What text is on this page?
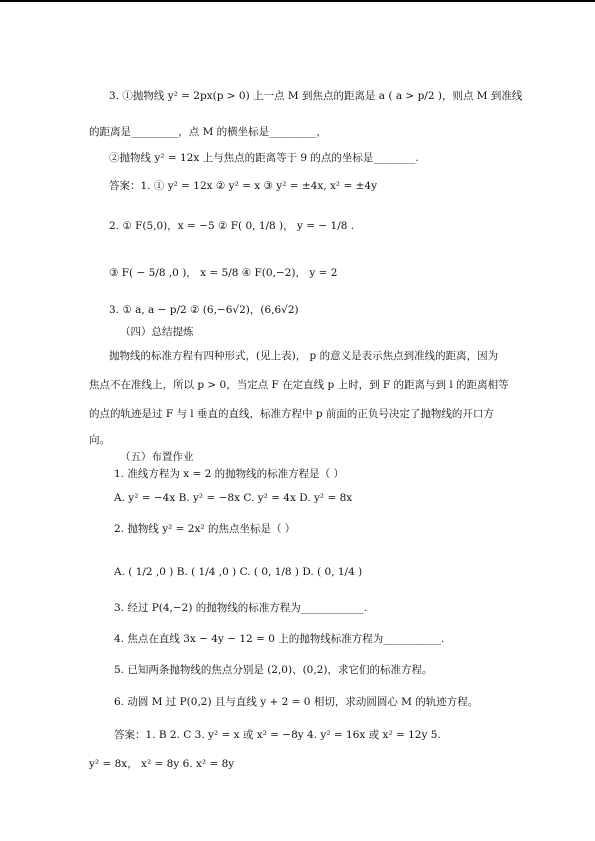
3. ①抛物线 y² = 2px(p > 0) 上一点 M 到焦点的距离是 a ( a > p/2 )，则点 M 到准线
的距离是_________，点 M 的横坐标是_________，
②抛物线 y² = 12x 上与焦点的距离等于 9 的点的坐标是________.
答案：1. ① y² = 12x ② y² = x ③ y² = ±4x, x² = ±4y
2. ① F(5,0)，x = −5 ② F( 0, 1/8 )， y = − 1/8 .
③ F( − 5/8 ,0 )， x = 5/8 ④ F(0,−2)， y = 2
3. ① a, a − p/2 ② (6,−6√2)，(6,6√2)
（四）总结提炼
抛物线的标准方程有四种形式，(见上表)， p 的意义是表示焦点到准线的距离，因为
焦点不在准线上，所以 p > 0，当定点 F 在定直线 p 上时，到 F 的距离与到 l 的距离相等
的点的轨迹是过 F 与 l 垂直的直线，标准方程中 p 前面的正负号决定了抛物线的开口方
向。
（五）布置作业
1. 准线方程为 x = 2 的抛物线的标准方程是（ ）
A. y² = −4x B. y² = −8x C. y² = 4x D. y² = 8x
2. 抛物线 y² = 2x² 的焦点坐标是（ ）
A. ( 1/2 ,0 ) B. ( 1/4 ,0 ) C. ( 0, 1/8 ) D. ( 0, 1/4 )
3. 经过 P(4,−2) 的抛物线的标准方程为____________.
4. 焦点在直线 3x − 4y − 12 = 0 上的抛物线标准方程为___________.
5. 已知两条抛物线的焦点分别是 (2,0)、(0,2)，求它们的标准方程。
6. 动圆 M 过 P(0,2) 且与直线 y + 2 = 0 相切，求动圆圆心 M 的轨迹方程。
答案：1. B 2. C 3. y² = x 或 x² = −8y 4. y² = 16x 或 x² = 12y 5.
y² = 8x， x² = 8y 6. x² = 8y
